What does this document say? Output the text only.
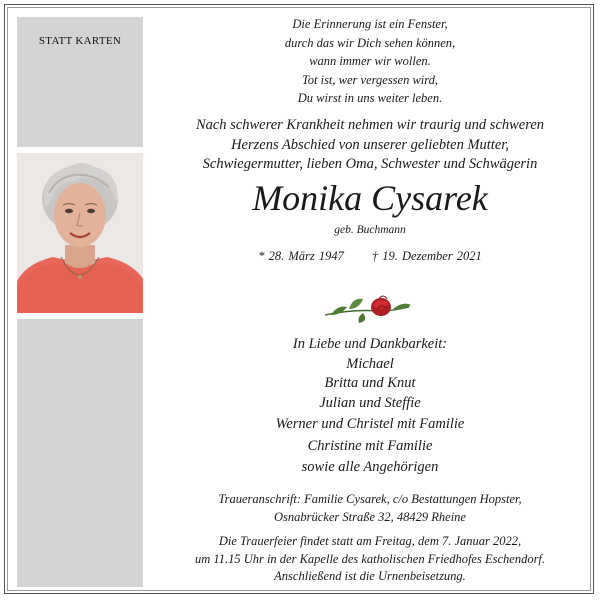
STATT KARTEN
Die Erinnerung ist ein Fenster,
durch das wir Dich sehen können,
wann immer wir wollen.
Tot ist, wer vergessen wird,
Du wirst in uns weiter leben.
Nach schwerer Krankheit nehmen wir traurig und schweren
Herzens Abschied von unserer geliebten Mutter,
Schwiegermutter, lieben Oma, Schwester und Schwägerin
Monika Cysarek
geb. Buchmann
* 28. März 1947 † 19. Dezember 2021
In Liebe und Dankbarkeit:
Michael
Britta und Knut
Julian und Steffie
Werner und Christel mit Familie
Christine mit Familie
sowie alle Angehörigen
Traueranschrift: Familie Cysarek, c/o Bestattungen Hopster,
Osnabrücker Straße 32, 48429 Rheine
Die Trauerfeier findet statt am Freitag, dem 7. Januar 2022,
um 11.15 Uhr in der Kapelle des katholischen Friedhofes Eschendorf.
Anschließend ist die Urnenbeisetzung.
